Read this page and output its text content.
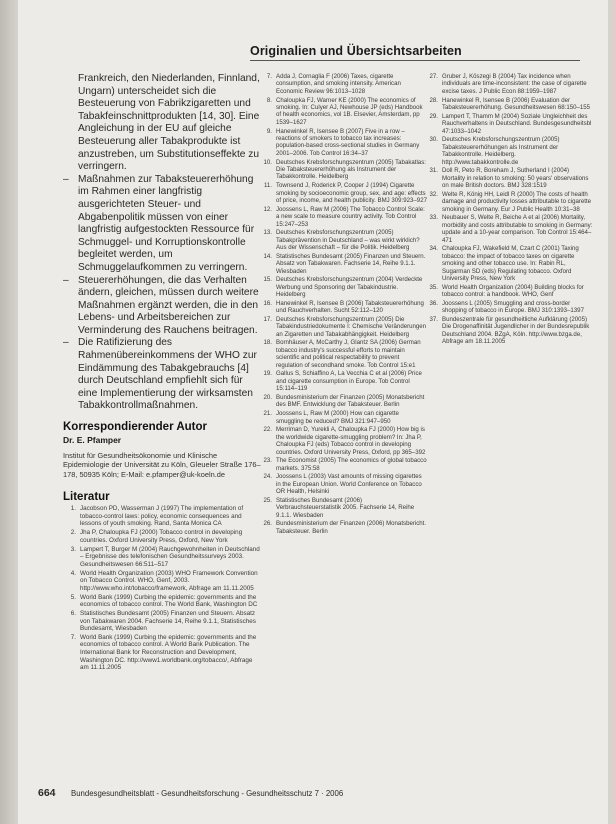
Originalien und Übersichtsarbeiten

Frankreich, den Niederlanden, Finnland, Ungarn) unterscheidet sich die Besteuerung von Fabrikzigaretten und Tabakfeinschnittprodukten [14, 30]. Eine Angleichung in der EU auf gleiche Besteuerung aller Tabakprodukte ist anzustreben, um Substitutionseffekte zu verringern.

– Maßnahmen zur Tabaksteuererhöhung im Rahmen einer langfristig ausgerichteten Steuer- und Abgabenpolitik müssen von einer langfristig aufgestockten Ressource für Schmuggel- und Korruptionskontrolle begleitet werden, um Schmuggelaufkommen zu verringern.
– Steuererhöhungen, die das Verhalten ändern, gleichen, müssen durch weitere Maßnahmen ergänzt werden, die in den Lebens- und Arbeitsbereichen zur Verminderung des Rauchens beitragen.
– Die Ratifizierung des Rahmenübereinkommens der WHO zur Eindämmung des Tabakgebrauchs [4] durch Deutschland empfiehlt sich für eine Implementierung der wirksamsten Tabakkontrollmaßnahmen.
Korrespondierender Autor
Dr. E. Pfamper
Institut für Gesundheitsökonomie und Klinische Epidemiologie der Universität zu Köln, Gleueler Straße 176–178, 50935 Köln; E-Mail: e.pfamper@uk-koeln.de
Literatur
1. Jacobson PD, Wasserman J (1997) The implementation of tobacco-control laws: policy, economic consequences and lessons of youth smoking. Rand, Santa Monica CA
2. Jha P, Chaloupka FJ (2000) Tobacco control in developing countries. Oxford University Press, Oxford, New York
3. Lampert T, Burger M (2004) Rauchgewohnheiten in Deutschland – Ergebnisse des telefonischen Gesundheitssurveys 2003. Gesundheitswesen 66:511–517
4. World Health Organization (2003) WHO Framework Convention on Tobacco Control. WHO, Genf, 2003. http://www.who.int/tobacco/framework, Abfrage am 11.11.2005
5. World Bank (1999) Curbing the epidemic: governments and the economics of tobacco control. The World Bank, Washington DC
6. Statistisches Bundesamt (2005) Finanzen und Steuern. Absatz von Tabakwaren 2004. Fachserie 14, Reihe 9.1.1, Statistisches Bundesamt, Wiesbaden
7. World Bank (1999) Curbing the epidemic: governments and the economics of tobacco control. A World Bank Publication. The International Bank for Reconstruction and Development, Washington DC. http://www1.worldbank.org/tobacco/, Abfrage am 11.11.2005
7. Adda J, Cornaglia F (2006) Taxes, cigarette consumption, and smoking intensity. American Economic Review 96:1013–1028
8. Chaloupka FJ, Warner KE (2000) The economics of smoking. In: Culyer AJ, Newhouse JP (eds) Handbook of health economics, vol 1B. Elsevier, Amsterdam, pp 1539–1627
9. Hanewinkel R, Isensee B (2007) Five in a row – reactions of smokers to tobacco tax increases: population-based cross-sectional studies in Germany 2001–2006. Tob Control 16:34–37
10. Deutsches Krebsforschungszentrum (2005) Tabakatlas: Die Tabaksteuererhöhung als Instrument der Tabakkontrolle. Heidelberg
11. Townsend J, Roderick P, Cooper J (1994) Cigarette smoking by socioeconomic group, sex, and age: effects of price, income, and health publicity. BMJ 309:923–927
12. Joossens L, Raw M (2006) The Tobacco Control Scale: a new scale to measure country activity. Tob Control 15:247–253
13. Deutsches Krebsforschungszentrum (2005) Tabakprävention in Deutschland – was wirkt wirklich? Aus der Wissenschaft – für die Politik. Heidelberg
14. Statistisches Bundesamt (2005) Finanzen und Steuern. Absatz von Tabakwaren. Fachserie 14, Reihe 9.1.1. Wiesbaden
15. Deutsches Krebsforschungszentrum (2004) Verdeckte Werbung und Sponsoring der Tabakindustrie. Heidelberg
16. Hanewinkel R, Isensee B (2006) Tabaksteuererhöhung und Rauchverhalten. Sucht 52:112–120
17. Deutsches Krebsforschungszentrum (2005) Die Tabakindustriedokumente I: Chemische Veränderungen an Zigaretten und Tabakabhängigkeit. Heidelberg
18. Bornhäuser A, McCarthy J, Glantz SA (2006) German tobacco industry's successful efforts to maintain scientific and political respectability to prevent regulation of secondhand smoke. Tob Control 15:e1
19. Gallus S, Schiaffino A, La Vecchia C et al (2006) Price and cigarette consumption in Europe. Tob Control 15:114–119
20. Bundesministerium der Finanzen (2005) Monatsbericht des BMF. Entwicklung der Tabaksteuer. Berlin
21. Joossens L, Raw M (2000) How can cigarette smuggling be reduced? BMJ 321:947–950
22. Merriman D, Yurekli A, Chaloupka FJ (2000) How big is the worldwide cigarette-smuggling problem? In: Jha P, Chaloupka FJ (eds) Tobacco control in developing countries. Oxford University Press, Oxford, pp 365–392
23. The Economist (2005) The economics of global tobacco markets. 375:58
24. Joossens L (2003) Vast amounts of missing cigarettes in the European Union. World Conference on Tobacco OR Health, Helsinki
25. Statistisches Bundesamt (2006) Verbrauchsteuerstatistik 2005. Fachserie 14, Reihe 9.1.1. Wiesbaden
26. Bundesministerium der Finanzen (2006) Monatsbericht. Tabaksteuer. Berlin
27. Gruber J, Köszegi B (2004) Tax incidence when individuals are time-inconsistent: the case of cigarette excise taxes. J Public Econ 88:1959–1987
28. Hanewinkel R, Isensee B (2006) Evaluation der Tabaksteuererhöhung. Gesundheitswesen 68:150–155
29. Lampert T, Thamm M (2004) Soziale Ungleichheit des Rauchverhaltens in Deutschland. Bundesgesundheitsbl 47:1033–1042
30. Deutsches Krebsforschungszentrum (2005) Tabaksteuererhöhungen als Instrument der Tabakkontrolle. Heidelberg. http://www.tabakkontrolle.de
31. Doll R, Peto R, Boreham J, Sutherland I (2004) Mortality in relation to smoking: 50 years' observations on male British doctors. BMJ 328:1519
32. Welte R, König HH, Leidl R (2000) The costs of health damage and productivity losses attributable to cigarette smoking in Germany. Eur J Public Health 10:31–38
33. Neubauer S, Welte R, Beiche A et al (2006) Mortality, morbidity and costs attributable to smoking in Germany: update and a 10-year comparison. Tob Control 15:464–471
34. Chaloupka FJ, Wakefield M, Czart C (2001) Taxing tobacco: the impact of tobacco taxes on cigarette smoking and other tobacco use. In: Rabin RL, Sugarman SD (eds) Regulating tobacco. Oxford University Press, New York
35. World Health Organization (2004) Building blocks for tobacco control: a handbook. WHO, Genf
36. Joossens L (2005) Smuggling and cross-border shopping of tobacco in Europe. BMJ 310:1393–1397
37. Bundeszentrale für gesundheitliche Aufklärung (2005) Die Drogenaffinität Jugendlicher in der Bundesrepublik Deutschland 2004. BZgA, Köln. http://www.bzga.de, Abfrage am 18.11.2005
664 Bundesgesundheitsblatt - Gesundheitsforschung - Gesundheitsschutz 7 · 2006
